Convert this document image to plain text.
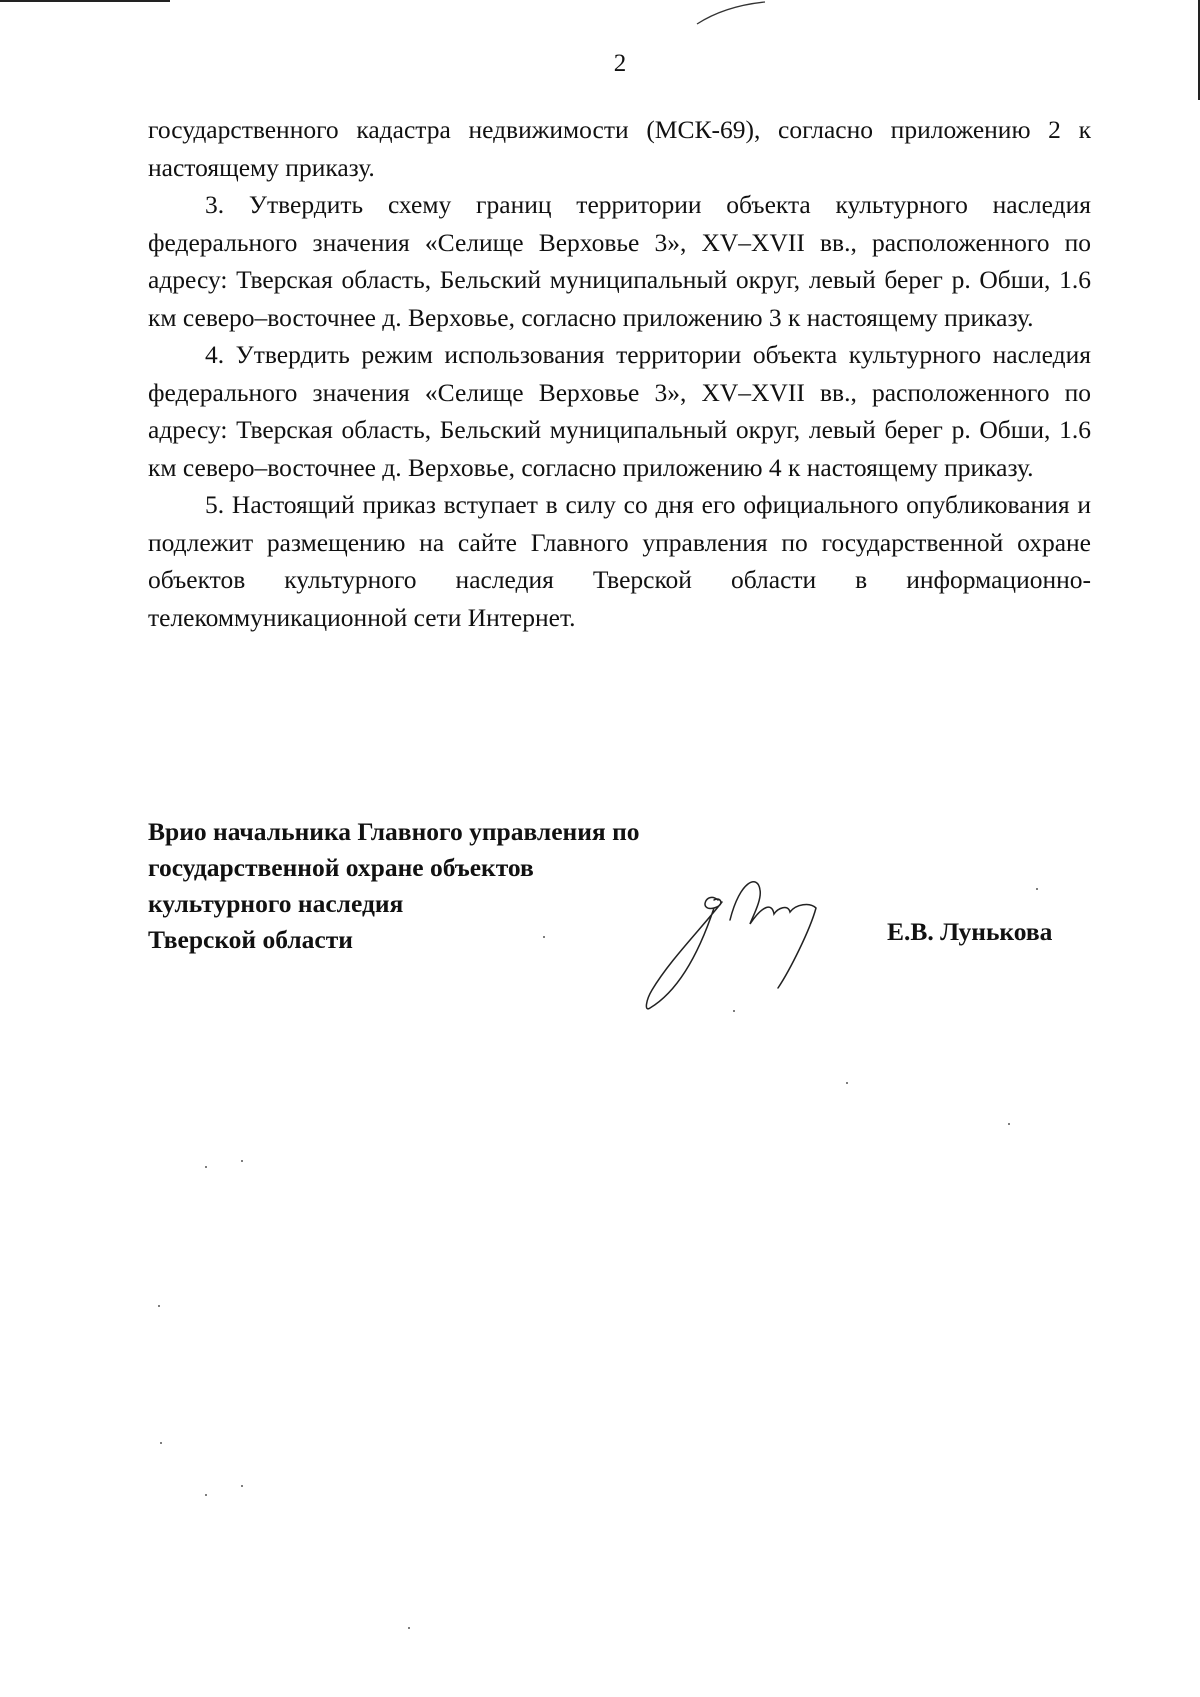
2

государственного кадастра недвижимости (МСК-69), согласно приложению 2 к настоящему приказу.

3. Утвердить схему границ территории объекта культурного наследия федерального значения «Селище Верховье 3», XV–XVII вв., расположенного по адресу: Тверская область, Бельский муниципальный округ, левый берег р. Обши, 1.6 км северо–восточнее д. Верховье, согласно приложению 3 к настоящему приказу.

4. Утвердить режим использования территории объекта культурного наследия федерального значения «Селище Верховье 3», XV–XVII вв., расположенного по адресу: Тверская область, Бельский муниципальный округ, левый берег р. Обши, 1.6 км северо–восточнее д. Верховье, согласно приложению 4 к настоящему приказу.

5. Настоящий приказ вступает в силу со дня его официального опубликования и подлежит размещению на сайте Главного управления по государственной охране объектов культурного наследия Тверской области в информационно-телекоммуникационной сети Интернет.

Врио начальника Главного управления по
государственной охране объектов
культурного наследия
Тверской области	Е.В. Лунькова
